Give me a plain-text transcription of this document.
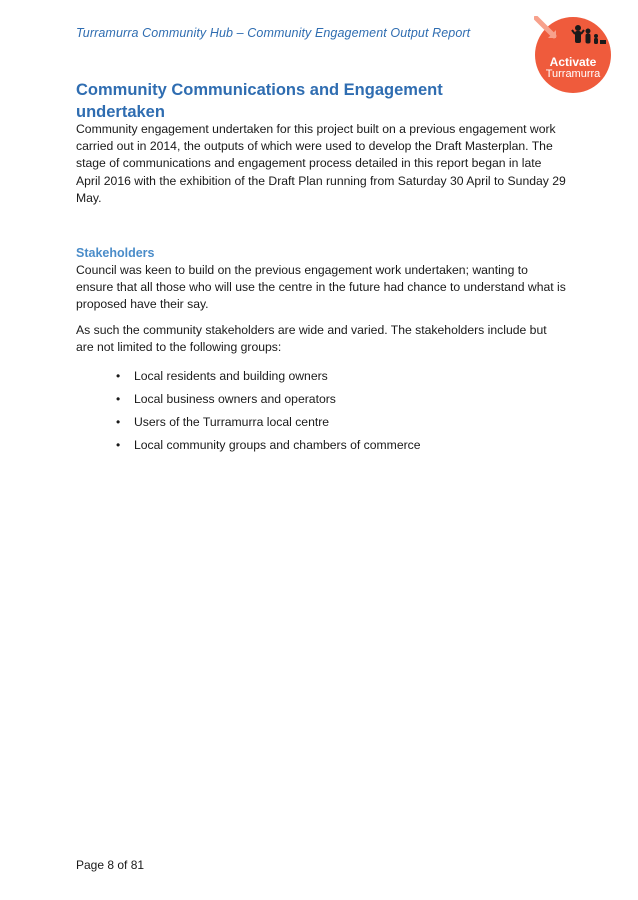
Turramurra Community Hub – Community Engagement Output Report
Activate
Turramurra
Community Communications and Engagement undertaken

Community engagement undertaken for this project built on a previous engagement work carried out in 2014, the outputs of which were used to develop the Draft Masterplan. The stage of communications and engagement process detailed in this report began in late April 2016 with the exhibition of the Draft Plan running from Saturday 30 April to Sunday 29 May.

Stakeholders

Council was keen to build on the previous engagement work undertaken; wanting to ensure that all those who will use the centre in the future had chance to understand what is proposed have their say.

As such the community stakeholders are wide and varied. The stakeholders include but are not limited to the following groups:

• Local residents and building owners
• Local business owners and operators
• Users of the Turramurra local centre
• Local community groups and chambers of commerce
Page 8 of 81
